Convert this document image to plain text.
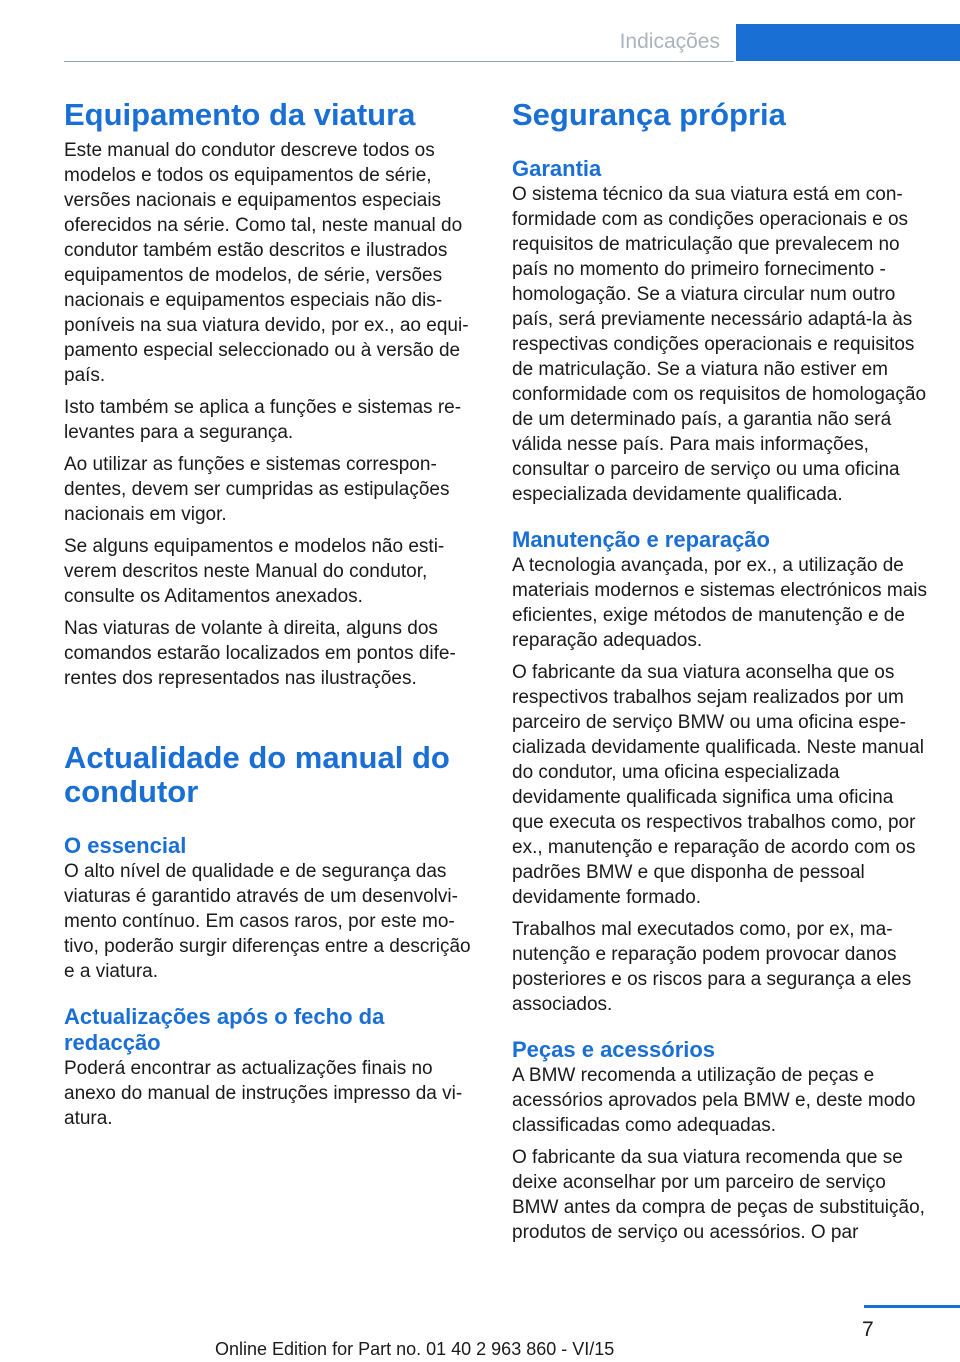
Indicações
Equipamento da viatura

Este manual do condutor descreve todos os modelos e todos os equipamentos de série, versões nacionais e equipamentos especiais oferecidos na série. Como tal, neste manual do condutor também estão descritos e ilustrados equipamentos de modelos, de série, versões nacionais e equipamentos especiais não disponíveis na sua viatura devido, por ex., ao equipamento especial seleccionado ou à versão de país.

Isto também se aplica a funções e sistemas relevantes para a segurança.

Ao utilizar as funções e sistemas correspondentes, devem ser cumpridas as estipulações nacionais em vigor.

Se alguns equipamentos e modelos não estiverem descritos neste Manual do condutor, consulte os Aditamentos anexados.

Nas viaturas de volante à direita, alguns dos comandos estarão localizados em pontos diferentes dos representados nas ilustrações.

Actualidade do manual do condutor
O essencial

O alto nível de qualidade e de segurança das viaturas é garantido através de um desenvolvimento contínuo. Em casos raros, por este motivo, poderão surgir diferenças entre a descrição e a viatura.

Actualizações após o fecho da redacção

Poderá encontrar as actualizações finais no anexo do manual de instruções impresso da viatura.

Segurança própria
Garantia

O sistema técnico da sua viatura está em conformidade com as condições operacionais e os requisitos de matriculação que prevalecem no país no momento do primeiro fornecimento - homologação. Se a viatura circular num outro país, será previamente necessário adaptá-la às respectivas condições operacionais e requisitos de matriculação. Se a viatura não estiver em conformidade com os requisitos de homologação de um determinado país, a garantia não será válida nesse país. Para mais informações, consultar o parceiro de serviço ou uma oficina especializada devidamente qualificada.

Manutenção e reparação

A tecnologia avançada, por ex., a utilização de materiais modernos e sistemas electrónicos mais eficientes, exige métodos de manutenção e de reparação adequados.

O fabricante da sua viatura aconselha que os respectivos trabalhos sejam realizados por um parceiro de serviço BMW ou uma oficina especializada devidamente qualificada. Neste manual do condutor, uma oficina especializada devidamente qualificada significa uma oficina que executa os respectivos trabalhos como, por ex., manutenção e reparação de acordo com os padrões BMW e que disponha de pessoal devidamente formado.

Trabalhos mal executados como, por ex, manutenção e reparação podem provocar danos posteriores e os riscos para a segurança a eles associados.

Peças e acessórios

A BMW recomenda a utilização de peças e acessórios aprovados pela BMW e, deste modo classificadas como adequadas.

O fabricante da sua viatura recomenda que se deixe aconselhar por um parceiro de serviço BMW antes da compra de peças de substituição, produtos de serviço ou acessórios. O par

7
Online Edition for Part no. 01 40 2 963 860 - VI/15
